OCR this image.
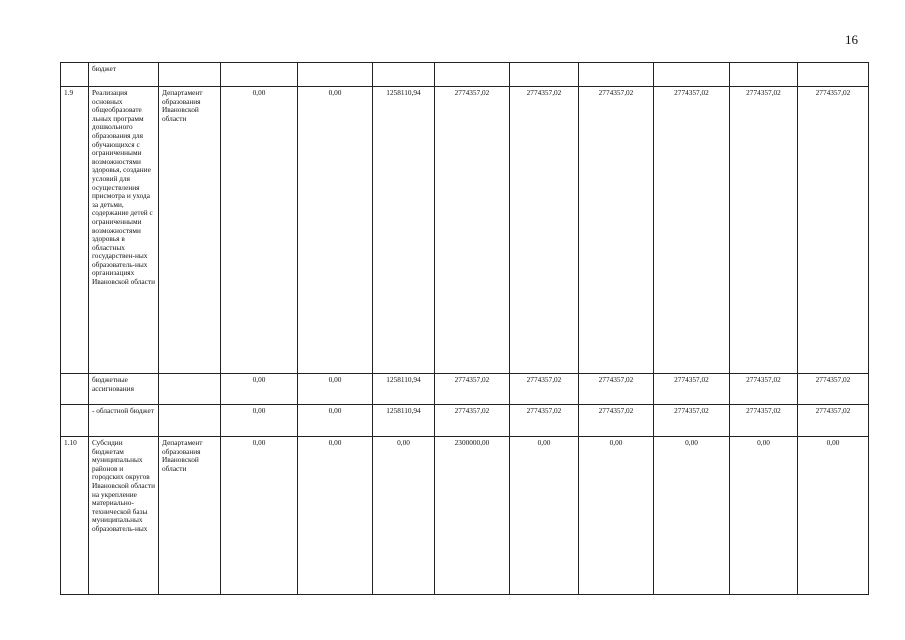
16
	бюджет										
1.9	Реализация основных общеобразовате льных программ дошкольного образования для обучающихся с ограниченными возможностями здоровья, создание условий для осуществления присмотра и ухода за детьми, содержание детей с ограниченными возможностями здоровья в областных государствен-ных образователь-ных организациях Ивановской области	Департамент образования Ивановской области	0,00	0,00	1258110,94	2774357,02	2774357,02	2774357,02	2774357,02	2774357,02	2774357,02
	бюджетные ассигнования		0,00	0,00	1258110,94	2774357,02	2774357,02	2774357,02	2774357,02	2774357,02	2774357,02
	- областной бюджет		0,00	0,00	1258110,94	2774357,02	2774357,02	2774357,02	2774357,02	2774357,02	2774357,02
1.10	Субсидии бюджетам муниципальных районов и городских округов Ивановской области на укрепление материально-технической базы муниципальных образователь-ных	Департамент образования Ивановской области	0,00	0,00	0,00	2300000,00	0,00	0,00	0,00	0,00	0,00
